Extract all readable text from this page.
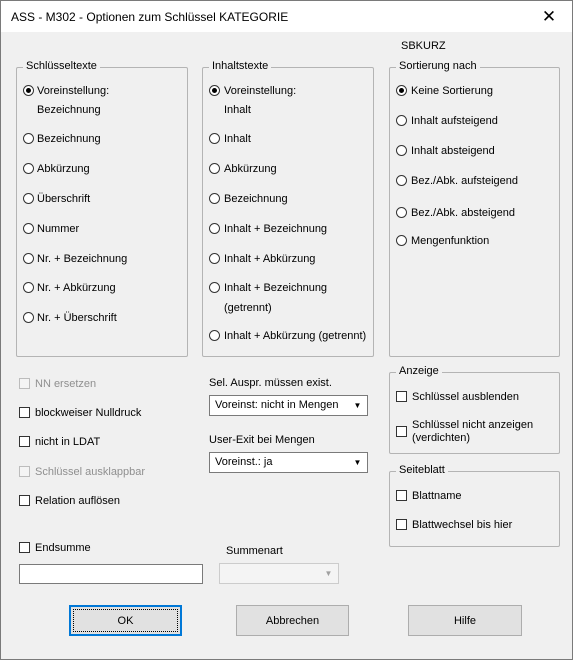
ASS - M302 - Optionen zum Schlüssel KATEGORIE	✕
SBKURZ
Schlüsseltexte
Voreinstellung:
Bezeichnung
Bezeichnung
Abkürzung
Überschrift
Nummer
Nr. + Bezeichnung
Nr. + Abkürzung
Nr. + Überschrift
Inhaltstexte
Voreinstellung:
Inhalt
Inhalt
Abkürzung
Bezeichnung
Inhalt + Bezeichnung
Inhalt + Abkürzung
Inhalt + Bezeichnung
(getrennt)
Inhalt + Abkürzung (getrennt)
Sortierung nach
Keine Sortierung
Inhalt aufsteigend
Inhalt absteigend
Bez./Abk. aufsteigend
Bez./Abk. absteigend
Mengenfunktion
NN ersetzen
blockweiser Nulldruck
nicht in LDAT
Schlüssel ausklappbar
Relation auflösen
Sel. Auspr. müssen exist.
Voreinst: nicht in Mengen	▼
User-Exit bei Mengen
Voreinst.: ja	▼
Anzeige
Schlüssel ausblenden
Schlüssel nicht anzeigen
(verdichten)
Seiteblatt
Blattname
Blattwechsel bis hier
Endsumme	Summenart
▼
OK	Abbrechen	Hilfe
